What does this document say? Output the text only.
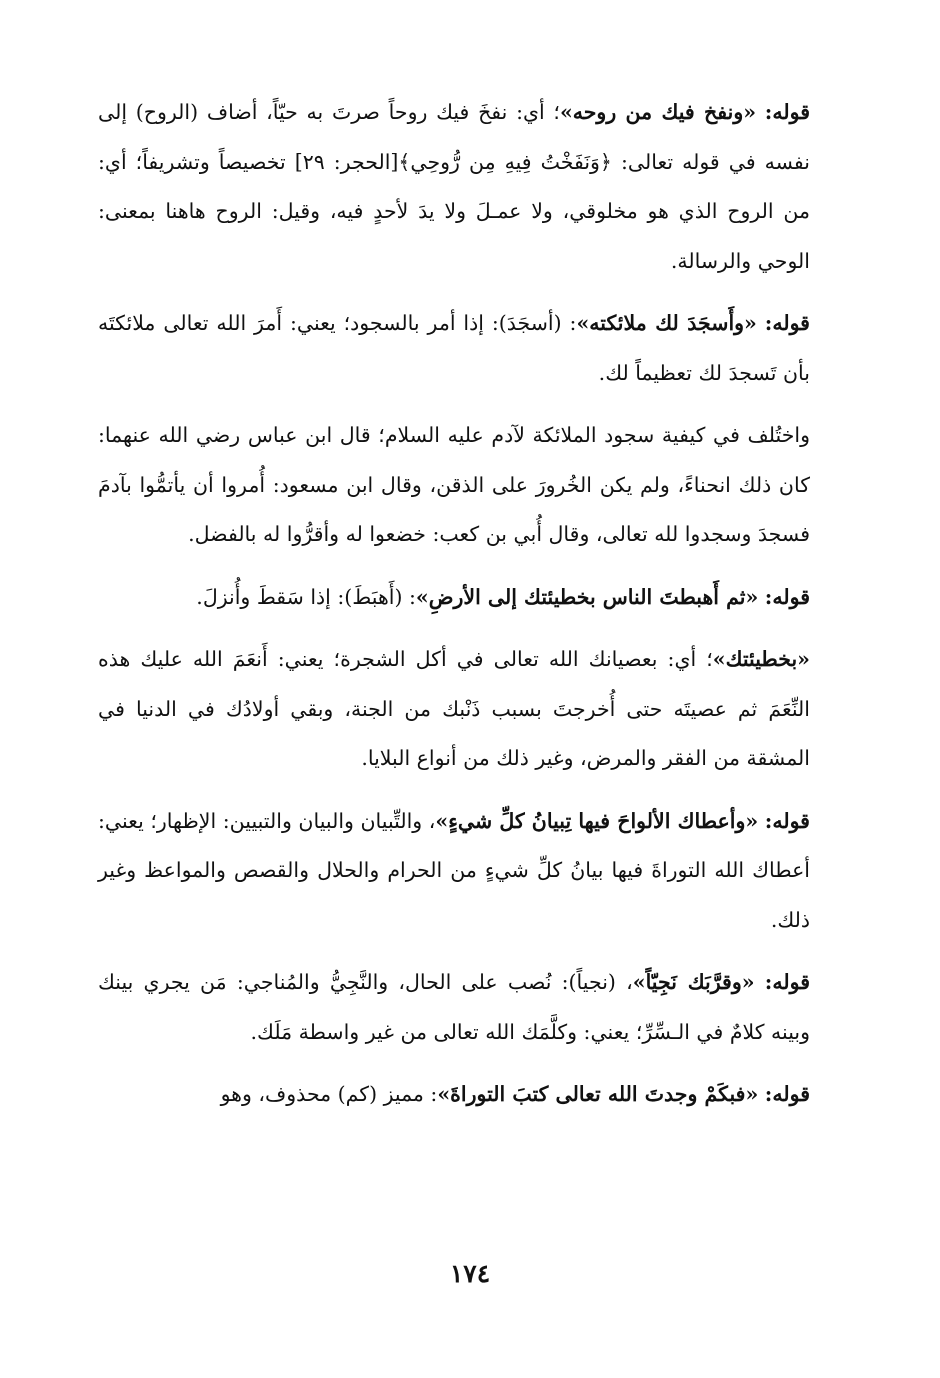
قوله: «ونفخ فيك من روحه»؛ أي: نفخَ فيك روحاً صرتَ به حيّاً، أضاف (الروح) إلى نفسه في قوله تعالى: ﴿وَنَفَخْتُ فِيهِ مِن رُّوحِي﴾[الحجر: ٢٩] تخصيصاً وتشريفاً؛ أي: من الروح الذي هو مخلوقي، ولا عمـلَ ولا يدَ لأحدٍ فيه، وقيل: الروح هاهنا بمعنى: الوحي والرسالة.

قوله: «وأَسجَدَ لك ملائكته»: (أسجَدَ): إذا أمر بالسجود؛ يعني: أَمرَ الله تعالى ملائكتَه بأن تَسجدَ لك تعظيماً لك.

واختُلف في كيفية سجود الملائكة لآدم عليه السلام؛ قال ابن عباس رضي الله عنهما: كان ذلك انحناءً، ولم يكن الخُرورَ على الذقن، وقال ابن مسعود: أُمروا أن يأتمُّوا بآدمَ فسجدَ وسجدوا لله تعالى، وقال أُبي بن كعب: خضعوا له وأقرُّوا له بالفضل.

قوله: «ثم أَهبطتَ الناس بخطيئتك إلى الأرضِ»: (أَهبَطَ): إذا سَقطَ وأُنزلَ.

«بخطيئتك»؛ أي: بعصيانك الله تعالى في أكل الشجرة؛ يعني: أَنعَمَ الله عليك هذه النِّعَمَ ثم عصيتَه حتى أُخرجتَ بسبب ذَنْبك من الجنة، وبقي أولادُك في الدنيا في المشقة من الفقر والمرض، وغير ذلك من أنواع البلايا.

قوله: «وأعطاك الألواحَ فيها تِبيانُ كلِّ شيءٍ»، والتِّبيان والبيان والتبيين: الإظهار؛ يعني: أعطاك الله التوراةَ فيها بيانُ كلِّ شيءٍ من الحرام والحلال والقصص والمواعظ وغير ذلك.

قوله: «وقرَّبَك نَجِيّاً»، (نجياً): نُصب على الحال، والنَّجِيُّ والمُناجي: مَن يجري بينك وبينه كلامٌ في الـسِّرِّ؛ يعني: وكلَّمَك الله تعالى من غير واسطة مَلَك.

قوله: «فبكَمْ وجدتَ الله تعالى كتبَ التوراةَ»: مميز (كم) محذوف، وهو

١٧٤
